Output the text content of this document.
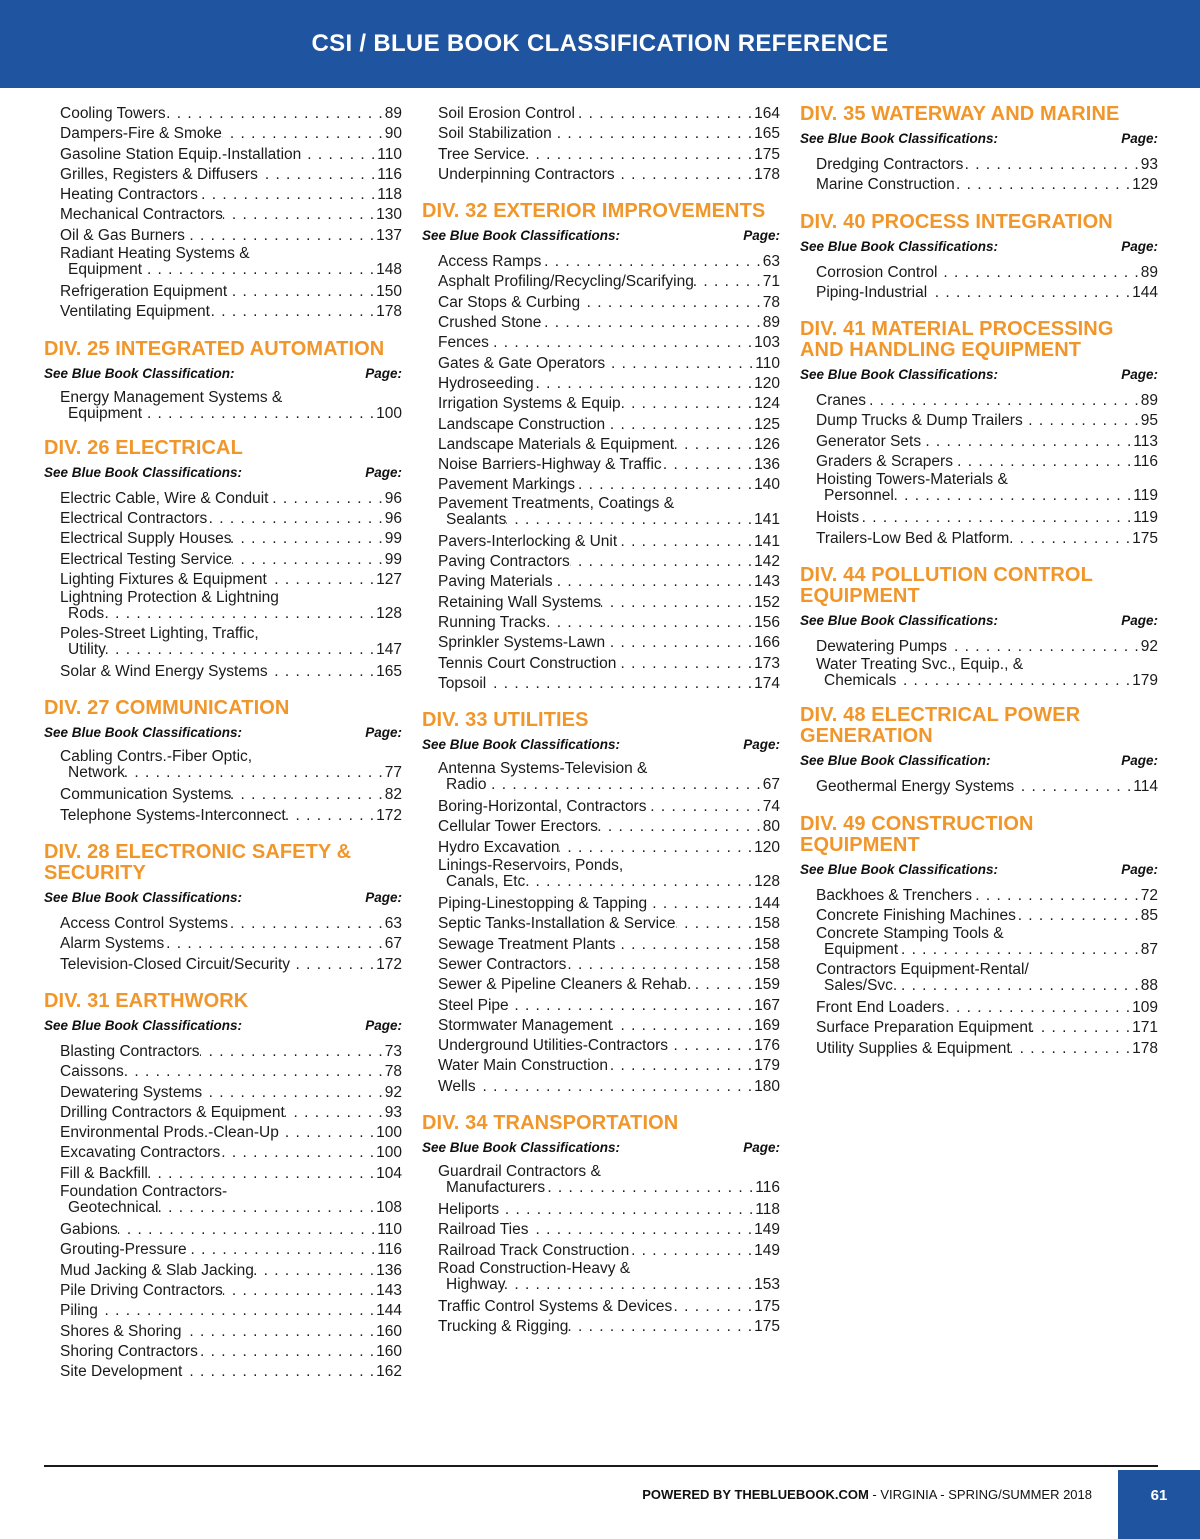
CSI / BLUE BOOK CLASSIFICATION REFERENCE
Cooling Towers . . .	89
Dampers-Fire & Smoke . . .	90
Gasoline Station Equip.-Installation . . .	110
Grilles, Registers & Diffusers . . .	116
Heating Contractors . . .	118
Mechanical Contractors . . .	130
Oil & Gas Burners . . .	137
Radiant Heating Systems &
Equipment . . .	148
Refrigeration Equipment . . .	150
Ventilating Equipment . . .	178
DIV. 25 INTEGRATED AUTOMATION
See Blue Book Classification:	Page:
Energy Management Systems &
Equipment . . .	100
DIV. 26 ELECTRICAL
See Blue Book Classifications:	Page:
Electric Cable, Wire & Conduit . . .	96
Electrical Contractors . . .	96
Electrical Supply Houses . . .	99
Electrical Testing Service . . .	99
Lighting Fixtures & Equipment . . .	127
Lightning Protection & Lightning
Rods . . .	128
Poles-Street Lighting, Traffic,
Utility . . .	147
Solar & Wind Energy Systems . . .	165
DIV. 27 COMMUNICATION
See Blue Book Classifications:	Page:
Cabling Contrs.-Fiber Optic,
Network . . .	77
Communication Systems . . .	82
Telephone Systems-Interconnect . . .	172
DIV. 28 ELECTRONIC SAFETY & SECURITY
See Blue Book Classifications:	Page:
Access Control Systems . . .	63
Alarm Systems . . .	67
Television-Closed Circuit/Security . . .	172
DIV. 31 EARTHWORK
See Blue Book Classifications:	Page:
Blasting Contractors . . .	73
Caissons . . .	78
Dewatering Systems . . .	92
Drilling Contractors & Equipment . . .	93
Environmental Prods.-Clean-Up . . .	100
Excavating Contractors . . .	100
Fill & Backfill . . .	104
Foundation Contractors-
Geotechnical . . .	108
Gabions . . .	110
Grouting-Pressure . . .	116
Mud Jacking & Slab Jacking . . .	136
Pile Driving Contractors . . .	143
Piling . . .	144
Shores & Shoring . . .	160
Shoring Contractors . . .	160
Site Development . . .	162
Soil Erosion Control . . .	164
Soil Stabilization . . .	165
Tree Service . . .	175
Underpinning Contractors . . .	178
DIV. 32 EXTERIOR IMPROVEMENTS
See Blue Book Classifications:	Page:
Access Ramps . . .	63
Asphalt Profiling/Recycling/Scarifying . . .	71
Car Stops & Curbing . . .	78
Crushed Stone . . .	89
Fences . . .	103
Gates & Gate Operators . . .	110
Hydroseeding . . .	120
Irrigation Systems & Equip. . . .	124
Landscape Construction . . .	125
Landscape Materials & Equipment . . .	126
Noise Barriers-Highway & Traffic . . .	136
Pavement Markings . . .	140
Pavement Treatments, Coatings &
Sealants . . .	141
Pavers-Interlocking & Unit . . .	141
Paving Contractors . . .	142
Paving Materials . . .	143
Retaining Wall Systems . . .	152
Running Tracks . . .	156
Sprinkler Systems-Lawn . . .	166
Tennis Court Construction . . .	173
Topsoil . . .	174
DIV. 33 UTILITIES
See Blue Book Classifications:	Page:
Antenna Systems-Television &
Radio . . .	67
Boring-Horizontal, Contractors . . .	74
Cellular Tower Erectors . . .	80
Hydro Excavation . . .	120
Linings-Reservoirs, Ponds,
Canals, Etc. . . .	128
Piping-Linestopping & Tapping . . .	144
Septic Tanks-Installation & Service . . .	158
Sewage Treatment Plants . . .	158
Sewer Contractors . . .	158
Sewer & Pipeline Cleaners & Rehab. . . .	159
Steel Pipe . . .	167
Stormwater Management . . .	169
Underground Utilities-Contractors . . .	176
Water Main Construction . . .	179
Wells . . .	180
DIV. 34 TRANSPORTATION
See Blue Book Classifications:	Page:
Guardrail Contractors &
Manufacturers . . .	116
Heliports . . .	118
Railroad Ties . . .	149
Railroad Track Construction . . .	149
Road Construction-Heavy &
Highway . . .	153
Traffic Control Systems & Devices . . .	175
Trucking & Rigging . . .	175
DIV. 35 WATERWAY AND MARINE
See Blue Book Classifications:	Page:
Dredging Contractors . . .	93
Marine Construction . . .	129
DIV. 40 PROCESS INTEGRATION
See Blue Book Classifications:	Page:
Corrosion Control . . .	89
Piping-Industrial . . .	144
DIV. 41 MATERIAL PROCESSING AND HANDLING EQUIPMENT
See Blue Book Classifications:	Page:
Cranes . . .	89
Dump Trucks & Dump Trailers . . .	95
Generator Sets . . .	113
Graders & Scrapers . . .	116
Hoisting Towers-Materials &
Personnel . . .	119
Hoists . . .	119
Trailers-Low Bed & Platform . . .	175
DIV. 44 POLLUTION CONTROL EQUIPMENT
See Blue Book Classifications:	Page:
Dewatering Pumps . . .	92
Water Treating Svc., Equip., &
Chemicals . . .	179
DIV. 48 ELECTRICAL POWER GENERATION
See Blue Book Classification:	Page:
Geothermal Energy Systems . . .	114
DIV. 49 CONSTRUCTION EQUIPMENT
See Blue Book Classifications:	Page:
Backhoes & Trenchers . . .	72
Concrete Finishing Machines . . .	85
Concrete Stamping Tools &
Equipment . . .	87
Contractors Equipment-Rental/
Sales/Svc. . . .	88
Front End Loaders . . .	109
Surface Preparation Equipment . . .	171
Utility Supplies & Equipment . . .	178
POWERED BY THEBLUEBOOK.COM - VIRGINIA - SPRING/SUMMER 2018	61
